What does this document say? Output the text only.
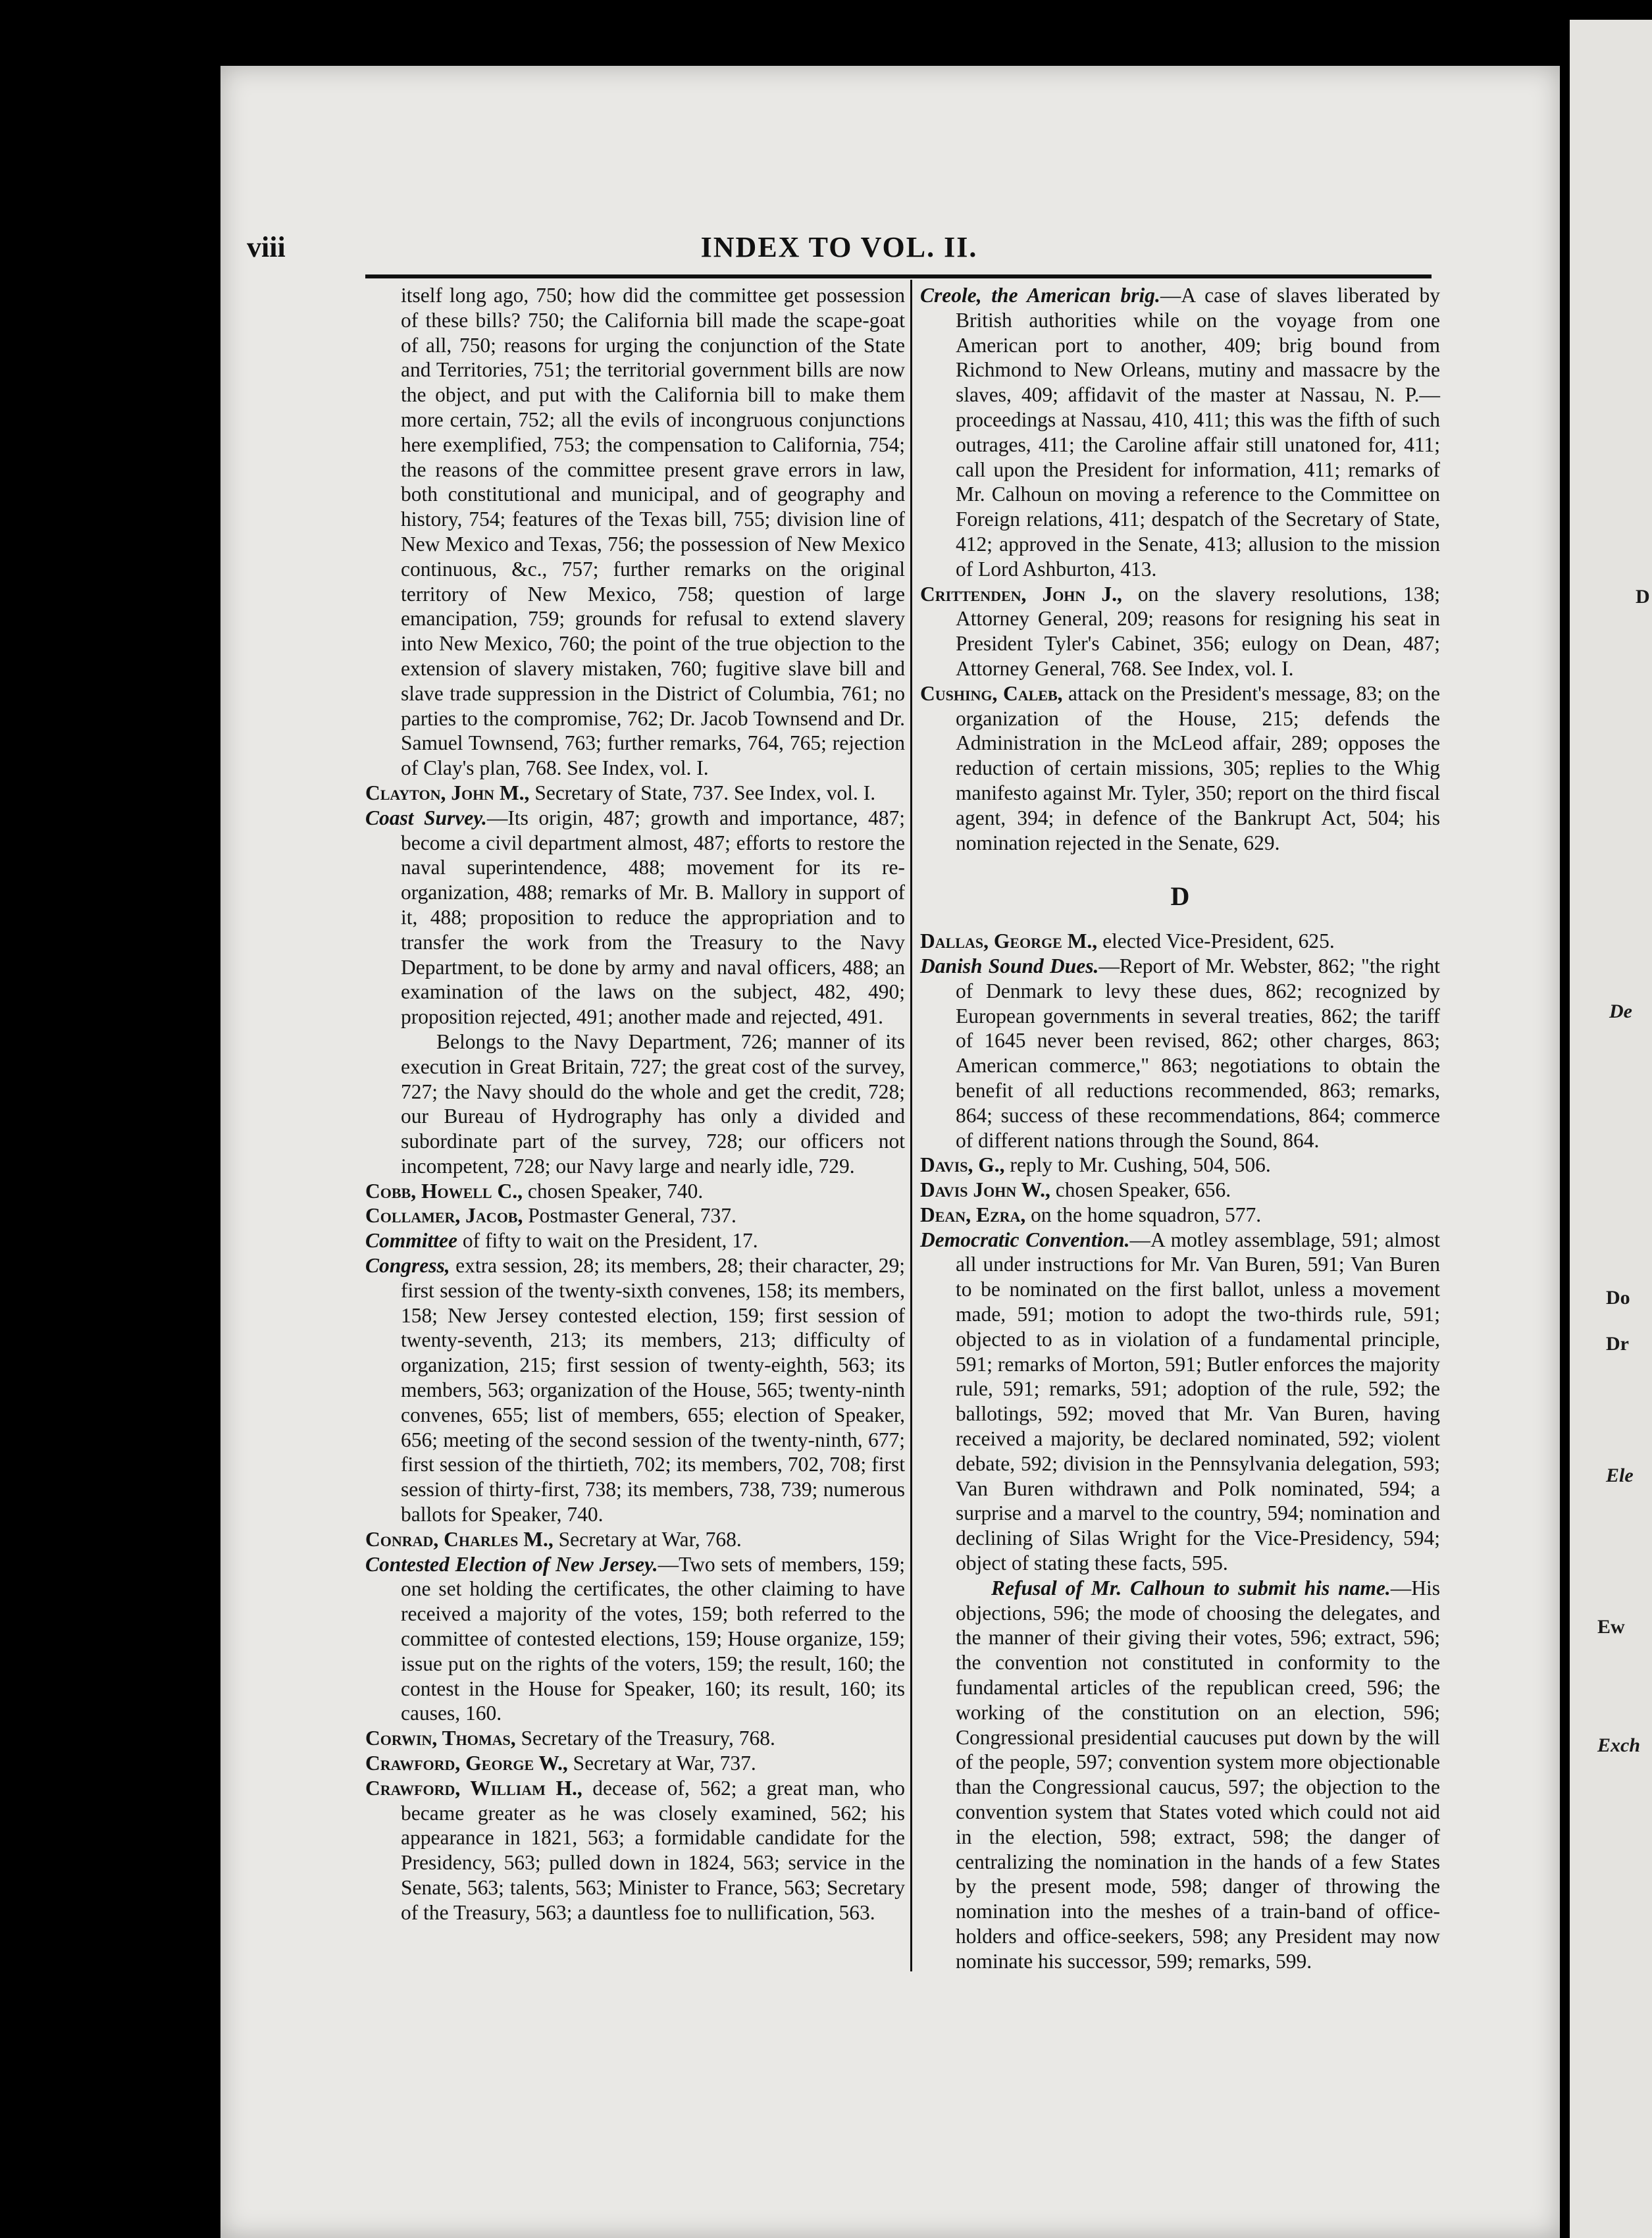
De
Do
Dr
Ele
Ew
Exch
D
viii	INDEX TO VOL. II.

itself long ago, 750; how did the committee get possession of these bills? 750; the California bill made the scape-goat of all, 750; reasons for urging the conjunction of the State and Territories, 751; the territorial government bills are now the object, and put with the California bill to make them more certain, 752; all the evils of incongruous conjunctions here exemplified, 753; the compensation to California, 754; the reasons of the committee present grave errors in law, both constitutional and municipal, and of geography and history, 754; features of the Texas bill, 755; division line of New Mexico and Texas, 756; the possession of New Mexico continuous, &c., 757; further remarks on the original territory of New Mexico, 758; question of large emancipation, 759; grounds for refusal to extend slavery into New Mexico, 760; the point of the true objection to the extension of slavery mistaken, 760; fugitive slave bill and slave trade suppression in the District of Columbia, 761; no parties to the compromise, 762; Dr. Jacob Townsend and Dr. Samuel Townsend, 763; further remarks, 764, 765; rejection of Clay's plan, 768. See Index, vol. I.

Clayton, John M., Secretary of State, 737. See Index, vol. I.

Coast Survey.—Its origin, 487; growth and importance, 487; become a civil department almost, 487; efforts to restore the naval superintendence, 488; movement for its re-organization, 488; remarks of Mr. B. Mallory in support of it, 488; proposition to reduce the appropriation and to transfer the work from the Treasury to the Navy Department, to be done by army and naval officers, 488; an examination of the laws on the subject, 482, 490; proposition rejected, 491; another made and rejected, 491.

Belongs to the Navy Department, 726; manner of its execution in Great Britain, 727; the great cost of the survey, 727; the Navy should do the whole and get the credit, 728; our Bureau of Hydrography has only a divided and subordinate part of the survey, 728; our officers not incompetent, 728; our Navy large and nearly idle, 729.

Cobb, Howell C., chosen Speaker, 740.

Collamer, Jacob, Postmaster General, 737.

Committee of fifty to wait on the President, 17.

Congress, extra session, 28; its members, 28; their character, 29; first session of the twenty-sixth convenes, 158; its members, 158; New Jersey contested election, 159; first session of twenty-seventh, 213; its members, 213; difficulty of organization, 215; first session of twenty-eighth, 563; its members, 563; organization of the House, 565; twenty-ninth convenes, 655; list of members, 655; election of Speaker, 656; meeting of the second session of the twenty-ninth, 677; first session of the thirtieth, 702; its members, 702, 708; first session of thirty-first, 738; its members, 738, 739; numerous ballots for Speaker, 740.

Conrad, Charles M., Secretary at War, 768.

Contested Election of New Jersey.—Two sets of members, 159; one set holding the certificates, the other claiming to have received a majority of the votes, 159; both referred to the committee of contested elections, 159; House organize, 159; issue put on the rights of the voters, 159; the result, 160; the contest in the House for Speaker, 160; its result, 160; its causes, 160.

Corwin, Thomas, Secretary of the Treasury, 768.

Crawford, George W., Secretary at War, 737.

Crawford, William H., decease of, 562; a great man, who became greater as he was closely examined, 562; his appearance in 1821, 563; a formidable candidate for the Presidency, 563; pulled down in 1824, 563; service in the Senate, 563; talents, 563; Minister to France, 563; Secretary of the Treasury, 563; a dauntless foe to nullification, 563.

Creole, the American brig.—A case of slaves liberated by British authorities while on the voyage from one American port to another, 409; brig bound from Richmond to New Orleans, mutiny and massacre by the slaves, 409; affidavit of the master at Nassau, N. P.—proceedings at Nassau, 410, 411; this was the fifth of such outrages, 411; the Caroline affair still unatoned for, 411; call upon the President for information, 411; remarks of Mr. Calhoun on moving a reference to the Committee on Foreign relations, 411; despatch of the Secretary of State, 412; approved in the Senate, 413; allusion to the mission of Lord Ashburton, 413.

Crittenden, John J., on the slavery resolutions, 138; Attorney General, 209; reasons for resigning his seat in President Tyler's Cabinet, 356; eulogy on Dean, 487; Attorney General, 768. See Index, vol. I.

Cushing, Caleb, attack on the President's message, 83; on the organization of the House, 215; defends the Administration in the McLeod affair, 289; opposes the reduction of certain missions, 305; replies to the Whig manifesto against Mr. Tyler, 350; report on the third fiscal agent, 394; in defence of the Bankrupt Act, 504; his nomination rejected in the Senate, 629.

D

Dallas, George M., elected Vice-President, 625.

Danish Sound Dues.—Report of Mr. Webster, 862; "the right of Denmark to levy these dues, 862; recognized by European governments in several treaties, 862; the tariff of 1645 never been revised, 862; other charges, 863; American commerce," 863; negotiations to obtain the benefit of all reductions recommended, 863; remarks, 864; success of these recommendations, 864; commerce of different nations through the Sound, 864.

Davis, G., reply to Mr. Cushing, 504, 506.

Davis John W., chosen Speaker, 656.

Dean, Ezra, on the home squadron, 577.

Democratic Convention.—A motley assemblage, 591; almost all under instructions for Mr. Van Buren, 591; Van Buren to be nominated on the first ballot, unless a movement made, 591; motion to adopt the two-thirds rule, 591; objected to as in violation of a fundamental principle, 591; remarks of Morton, 591; Butler enforces the majority rule, 591; remarks, 591; adoption of the rule, 592; the ballotings, 592; moved that Mr. Van Buren, having received a majority, be declared nominated, 592; violent debate, 592; division in the Pennsylvania delegation, 593; Van Buren withdrawn and Polk nominated, 594; a surprise and a marvel to the country, 594; nomination and declining of Silas Wright for the Vice-Presidency, 594; object of stating these facts, 595.

Refusal of Mr. Calhoun to submit his name.—His objections, 596; the mode of choosing the delegates, and the manner of their giving their votes, 596; extract, 596; the convention not constituted in conformity to the fundamental articles of the republican creed, 596; the working of the constitution on an election, 596; Congressional presidential caucuses put down by the will of the people, 597; convention system more objectionable than the Congressional caucus, 597; the objection to the convention system that States voted which could not aid in the election, 598; extract, 598; the danger of centralizing the nomination in the hands of a few States by the present mode, 598; danger of throwing the nomination into the meshes of a train-band of office-holders and office-seekers, 598; any President may now nominate his successor, 599; remarks, 599.
